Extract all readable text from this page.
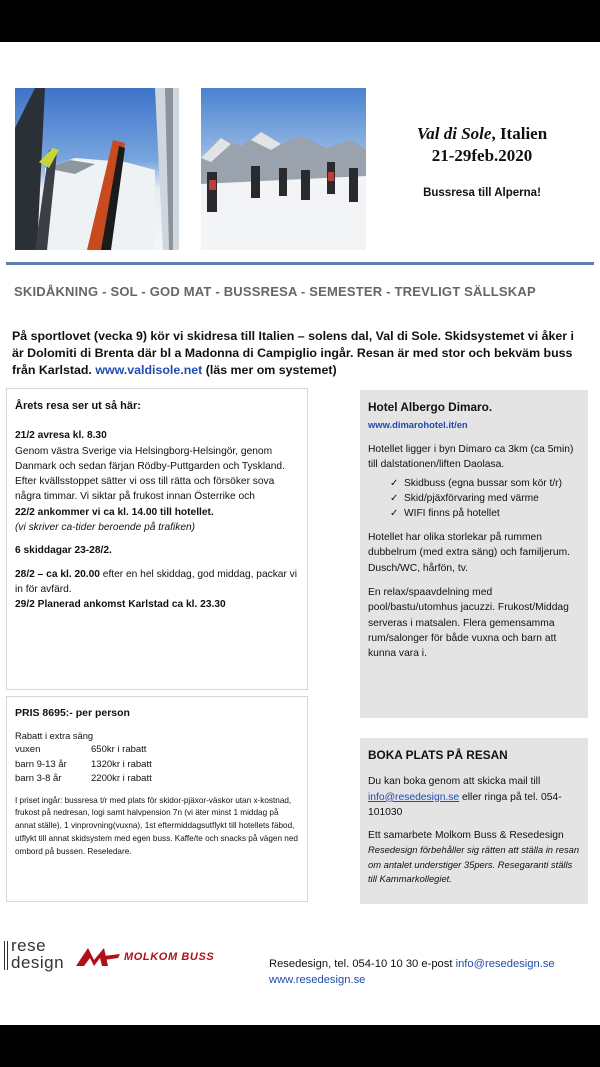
Val di Sole, Italien
21-29feb.2020
Bussresa till Alperna!
SKIDÅKNING - SOL - GOD MAT - BUSSRESA - SEMESTER - TREVLIGT SÄLLSKAP
På sportlovet (vecka 9) kör vi skidresa till Italien – solens dal, Val di Sole. Skidsystemet vi åker i är Dolomiti di Brenta där bl a Madonna di Campiglio ingår. Resan är med stor och bekväm buss från Karlstad. www.valdisole.net (läs mer om systemet)
Årets resa ser ut så här:

21/2 avresa kl. 8.30

Genom västra Sverige via Helsingborg-Helsingör, genom Danmark och sedan färjan Rödby-Puttgarden och Tyskland. Efter kvällsstoppet sätter vi oss till rätta och försöker sova några timmar. Vi siktar på frukost innan Österrike och

22/2 ankommer vi ca kl. 14.00 till hotellet.

(vi skriver ca-tider beroende på trafiken)

6 skiddagar 23-28/2.

28/2 – ca kl. 20.00 efter en hel skiddag, god middag, packar vi in för avfärd.

29/2 Planerad ankomst Karlstad ca kl. 23.30

PRIS 8695:- per person
Rabatt i extra säng
vuxen	650kr i rabatt
barn 9-13 år	1320kr i rabatt
barn 3-8 år	2200kr i rabatt
I priset ingår: bussresa t/r med plats för skidor-pjäxor-väskor utan x-kostnad, frukost på nedresan, logi samt halvpension 7n (vi äter minst 1 middag på annat ställe), 1 vinprovning(vuxna), 1st eftermiddagsutflykt till hotellets fäbod, utflykt till annat skidsystem med egen buss. Kaffe/te och snacks på vägen ned ombord på bussen. Reseledare.
Hotel Albergo Dimaro.
www.dimarohotel.it/en

Hotellet ligger i byn Dimaro ca 3km (ca 5min) till dalstationen/liften Daolasa.

✓ Skidbuss (egna bussar som kör t/r)
✓ Skid/pjäxförvaring med värme
✓ WIFI finns på hotellet

Hotellet har olika storlekar på rummen dubbelrum (med extra säng) och familjerum. Dusch/WC, hårfön, tv.

En relax/spaavdelning med pool/bastu/utomhus jacuzzi. Frukost/Middag serveras i matsalen. Flera gemensamma rum/salonger för både vuxna och barn att kunna vara i.

BOKA PLATS PÅ RESAN

Du kan boka genom att skicka mail till info@resedesign.se eller ringa på tel. 054-101030

Ett samarbete Molkom Buss & Resedesign

Resedesign förbehåller sig rätten att ställa in resan om antalet understiger 35pers. Resegaranti ställs till Kammarkollegiet.

rese
design	MOLKOM BUSS
Resedesign, tel. 054-10 10 30 e-post info@resedesign.se
www.resedesign.se
